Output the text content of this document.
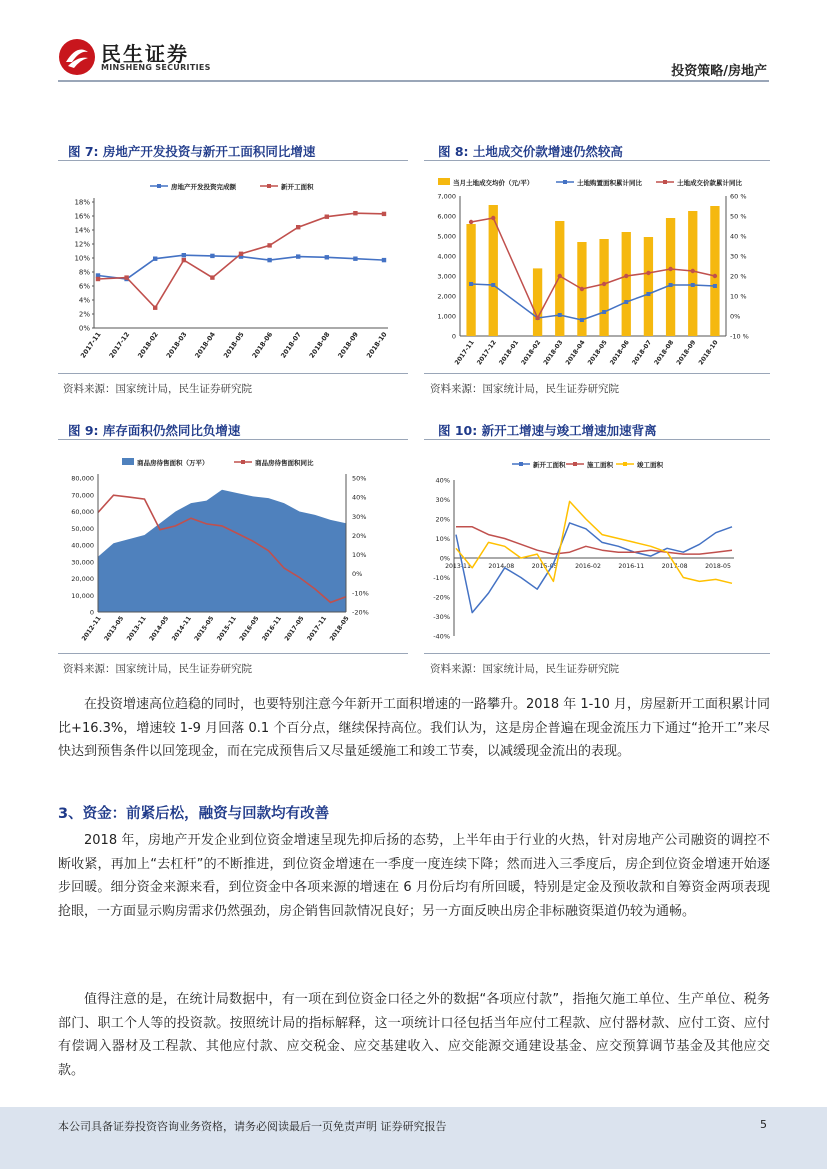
民生证券
MINSHENG SECURITIES	投资策略/房地产
图 7: 房地产开发投资与新开工面积同比增速
0%
2%
4%
6%
8%
10%
12%
14%
16%
18%
2017-11 2017-12 2018-02 2018-03 2018-04 2018-05 2018-06 2018-07 2018-08 2018-09 2018-10
房地产开发投资完成额	新开工面积
资料来源：国家统计局，民生证券研究院
图 8: 土地成交价款增速仍然较高
0
1,000
2,000
3,000
4,000
5,000
6,000
7,000
-10 %
0%
10 %
20 %
30 %
40 %
50 %
60 %
2017-11 2017-12 2018-01 2018-02 2018-03 2018-04 2018-05 2018-06 2018-07 2018-08 2018-09 2018-10
当月土地成交均价（元/平）	土地购置面积累计同比	土地成交价款累计同比
资料来源：国家统计局，民生证券研究院
图 9: 库存面积仍然同比负增速
0
10,000
20,000
30,000
40,000
50,000
60,000
70,000
80,000
-20%
-10%
0%
10%
20%
30%
40%
50%
2012-11 2013-05 2013-11 2014-05 2014-11 2015-05 2015-11 2016-05 2016-11 2017-05 2017-11 2018-05
商品房待售面积（万平）	商品房待售面积同比
资料来源：国家统计局，民生证券研究院
图 10: 新开工增速与竣工增速加速背离
-40%
-30%
-20%
-10%
0%
10%
20%
30%
40%
2013-11	2014-08	2015-05	2016-02	2016-11	2017-08	2018-05
新开工面积	施工面积	竣工面积
资料来源：国家统计局，民生证券研究院
在投资增速高位趋稳的同时，也要特别注意今年新开工面积增速的一路攀升。2018 年 1-10 月，房屋新开工面积累计同比+16.3%，增速较 1-9 月回落 0.1 个百分点，继续保持高位。我们认为，这是房企普遍在现金流压力下通过“抢开工”来尽快达到预售条件以回笼现金，而在完成预售后又尽量延缓施工和竣工节奏，以减缓现金流出的表现。
3、资金：前紧后松，融资与回款均有改善
2018 年，房地产开发企业到位资金增速呈现先抑后扬的态势，上半年由于行业的火热，针对房地产公司融资的调控不断收紧，再加上“去杠杆”的不断推进，到位资金增速在一季度一度连续下降；然而进入三季度后，房企到位资金增速开始逐步回暖。细分资金来源来看，到位资金中各项来源的增速在 6 月份后均有所回暖，特别是定金及预收款和自筹资金两项表现抢眼，一方面显示购房需求仍然强劲，房企销售回款情况良好；另一方面反映出房企非标融资渠道仍较为通畅。
值得注意的是，在统计局数据中，有一项在到位资金口径之外的数据“各项应付款”，指拖欠施工单位、生产单位、税务部门、职工个人等的投资款。按照统计局的指标解释，这一项统计口径包括当年应付工程款、应付器材款、应付工资、应付有偿调入器材及工程款、其他应付款、应交税金、应交基建收入、应交能源交通建设基金、应交预算调节基金及其他应交款。
本公司具备证券投资咨询业务资格，请务必阅读最后一页免责声明 证券研究报告	5
